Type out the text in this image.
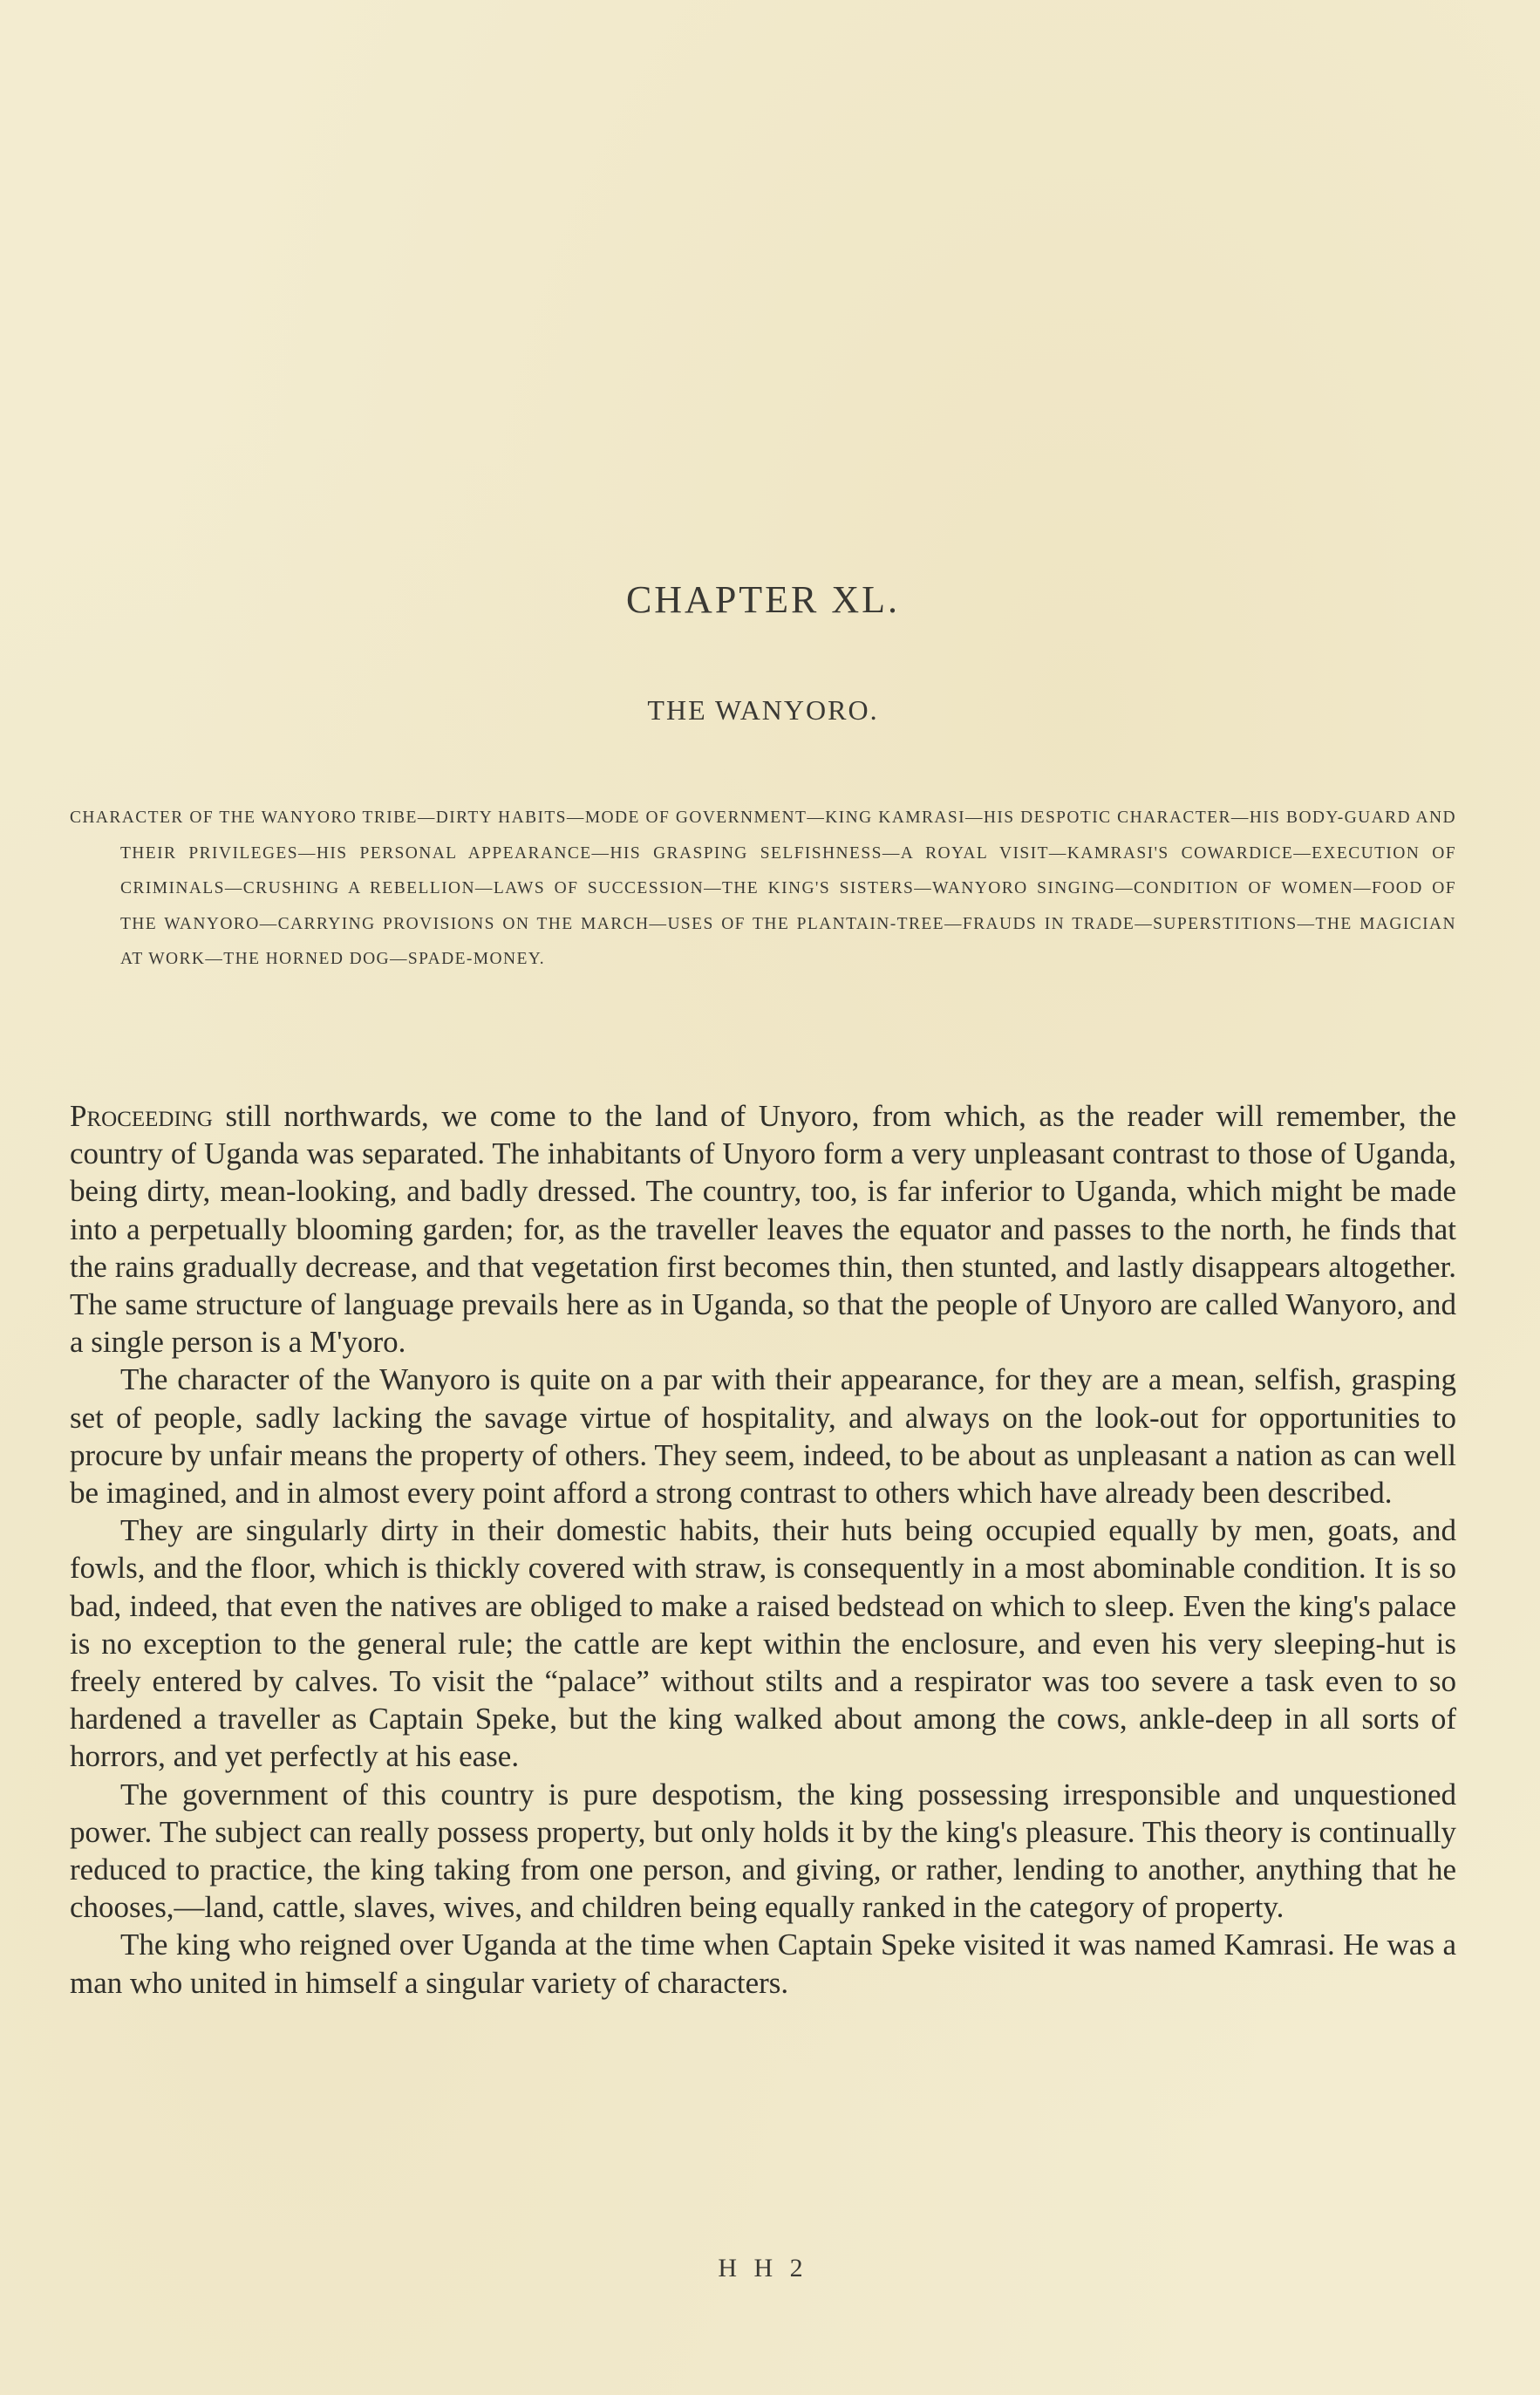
CHAPTER XL.
THE WANYORO.
CHARACTER OF THE WANYORO TRIBE—DIRTY HABITS—MODE OF GOVERNMENT—KING KAMRASI—HIS DESPOTIC CHARACTER—HIS BODY-GUARD AND THEIR PRIVILEGES—HIS PERSONAL APPEARANCE—HIS GRASPING SELFISHNESS—A ROYAL VISIT—KAMRASI'S COWARDICE—EXECUTION OF CRIMINALS—CRUSHING A REBELLION—LAWS OF SUCCESSION—THE KING'S SISTERS—WANYORO SINGING—CONDITION OF WOMEN—FOOD OF THE WANYORO—CARRYING PROVISIONS ON THE MARCH—USES OF THE PLANTAIN-TREE—FRAUDS IN TRADE—SUPERSTITIONS—THE MAGICIAN AT WORK—THE HORNED DOG—SPADE-MONEY.

Proceeding still northwards, we come to the land of Unyoro, from which, as the reader will remember, the country of Uganda was separated. The inhabitants of Unyoro form a very unpleasant contrast to those of Uganda, being dirty, mean-looking, and badly dressed. The country, too, is far inferior to Uganda, which might be made into a perpetually blooming garden; for, as the traveller leaves the equator and passes to the north, he finds that the rains gradually decrease, and that vegetation first becomes thin, then stunted, and lastly disappears altogether. The same structure of language prevails here as in Uganda, so that the people of Unyoro are called Wanyoro, and a single person is a M'yoro.

The character of the Wanyoro is quite on a par with their appearance, for they are a mean, selfish, grasping set of people, sadly lacking the savage virtue of hospitality, and always on the look-out for opportunities to procure by unfair means the property of others. They seem, indeed, to be about as unpleasant a nation as can well be imagined, and in almost every point afford a strong contrast to others which have already been described.

They are singularly dirty in their domestic habits, their huts being occupied equally by men, goats, and fowls, and the floor, which is thickly covered with straw, is consequently in a most abominable condition. It is so bad, indeed, that even the natives are obliged to make a raised bedstead on which to sleep. Even the king's palace is no exception to the general rule; the cattle are kept within the enclosure, and even his very sleeping-hut is freely entered by calves. To visit the “palace” without stilts and a respirator was too severe a task even to so hardened a traveller as Captain Speke, but the king walked about among the cows, ankle-deep in all sorts of horrors, and yet perfectly at his ease.

The government of this country is pure despotism, the king possessing irresponsible and unquestioned power. The subject can really possess property, but only holds it by the king's pleasure. This theory is continually reduced to practice, the king taking from one person, and giving, or rather, lending to another, anything that he chooses,—land, cattle, slaves, wives, and children being equally ranked in the category of property.

The king who reigned over Uganda at the time when Captain Speke visited it was named Kamrasi. He was a man who united in himself a singular variety of characters.

H H 2
